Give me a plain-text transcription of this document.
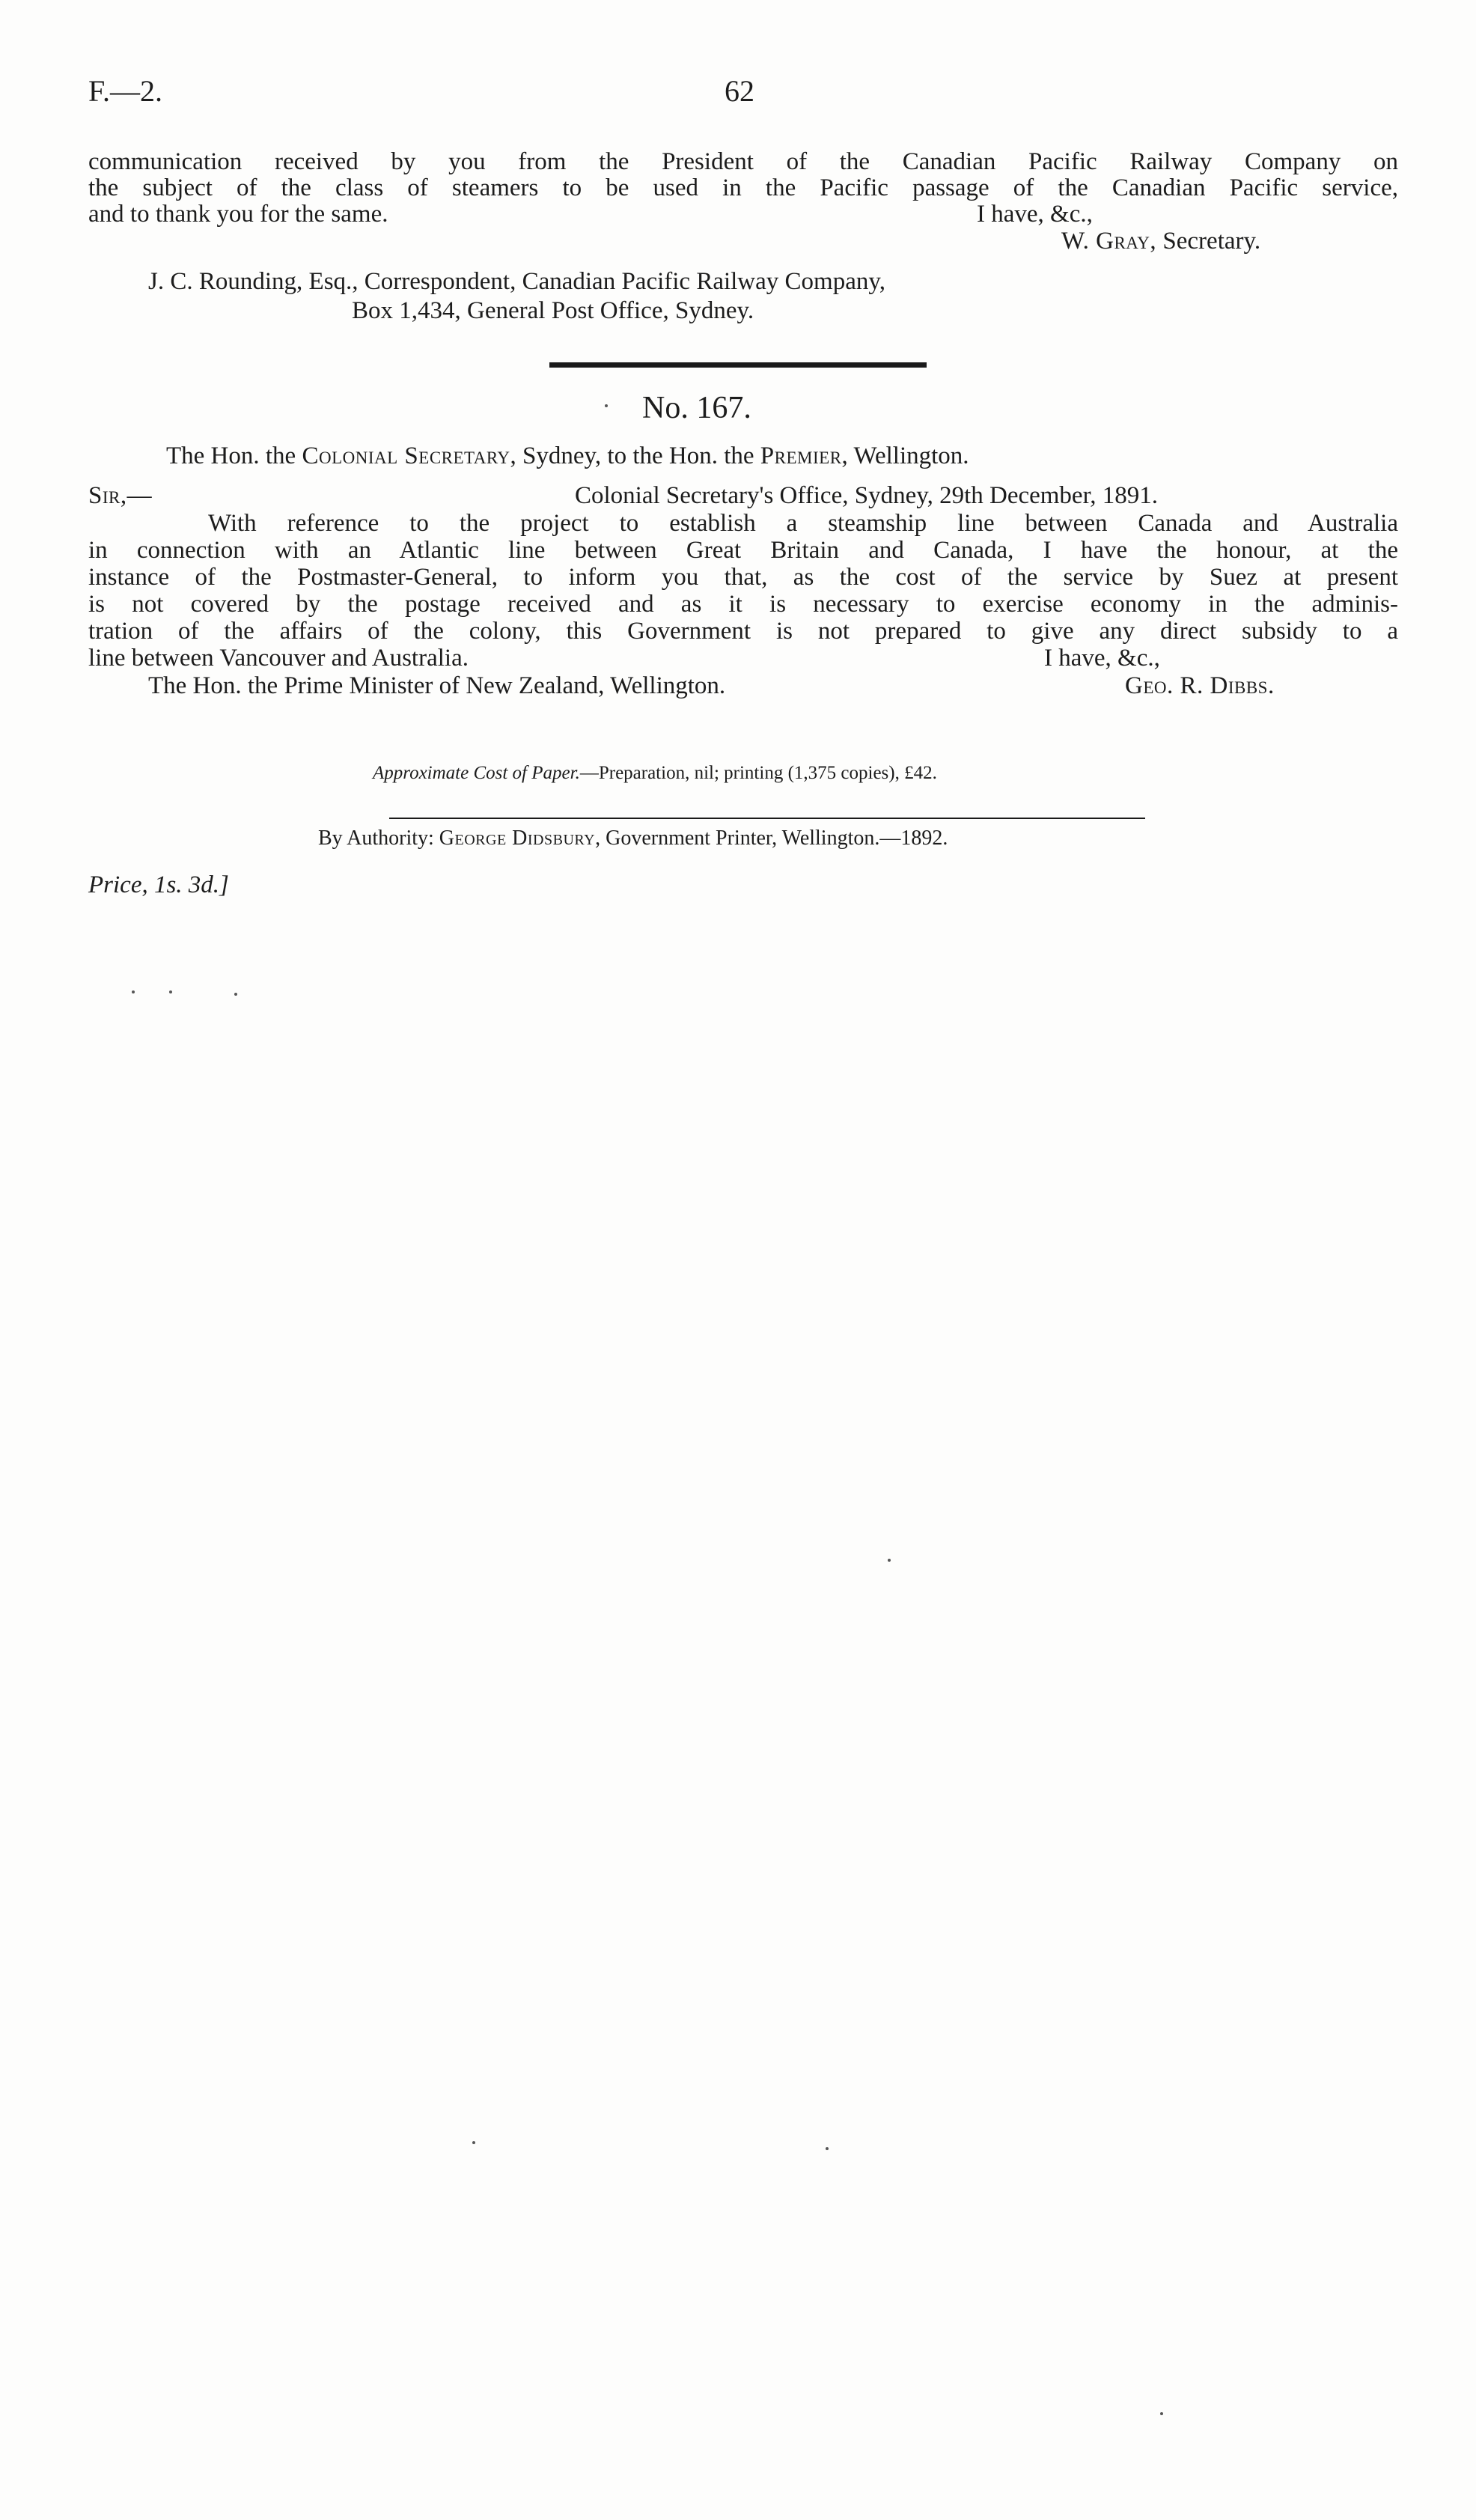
F.—2.	62
communication received by you from the President of the Canadian Pacific Railway Company on
the subject of the class of steamers to be used in the Pacific passage of the Canadian Pacific service,
and to thank you for the same.	I have, &c.,
W. Gray, Secretary.
J. C. Rounding, Esq., Correspondent, Canadian Pacific Railway Company,
Box 1,434, General Post Office, Sydney.
No. 167.
The Hon. the Colonial Secretary, Sydney, to the Hon. the Premier, Wellington.
Sir,—	Colonial Secretary's Office, Sydney, 29th December, 1891.
With reference to the project to establish a steamship line between Canada and Australia
in connection with an Atlantic line between Great Britain and Canada, I have the honour, at the
instance of the Postmaster-General, to inform you that, as the cost of the service by Suez at present
is not covered by the postage received and as it is necessary to exercise economy in the adminis-
tration of the affairs of the colony, this Government is not prepared to give any direct subsidy to a
line between Vancouver and Australia.	I have, &c.,
The Hon. the Prime Minister of New Zealand, Wellington.	Geo. R. Dibbs.
Approximate Cost of Paper.—Preparation, nil; printing (1,375 copies), £42.
By Authority: George Didsbury, Government Printer, Wellington.—1892.
Price, 1s. 3d.]
